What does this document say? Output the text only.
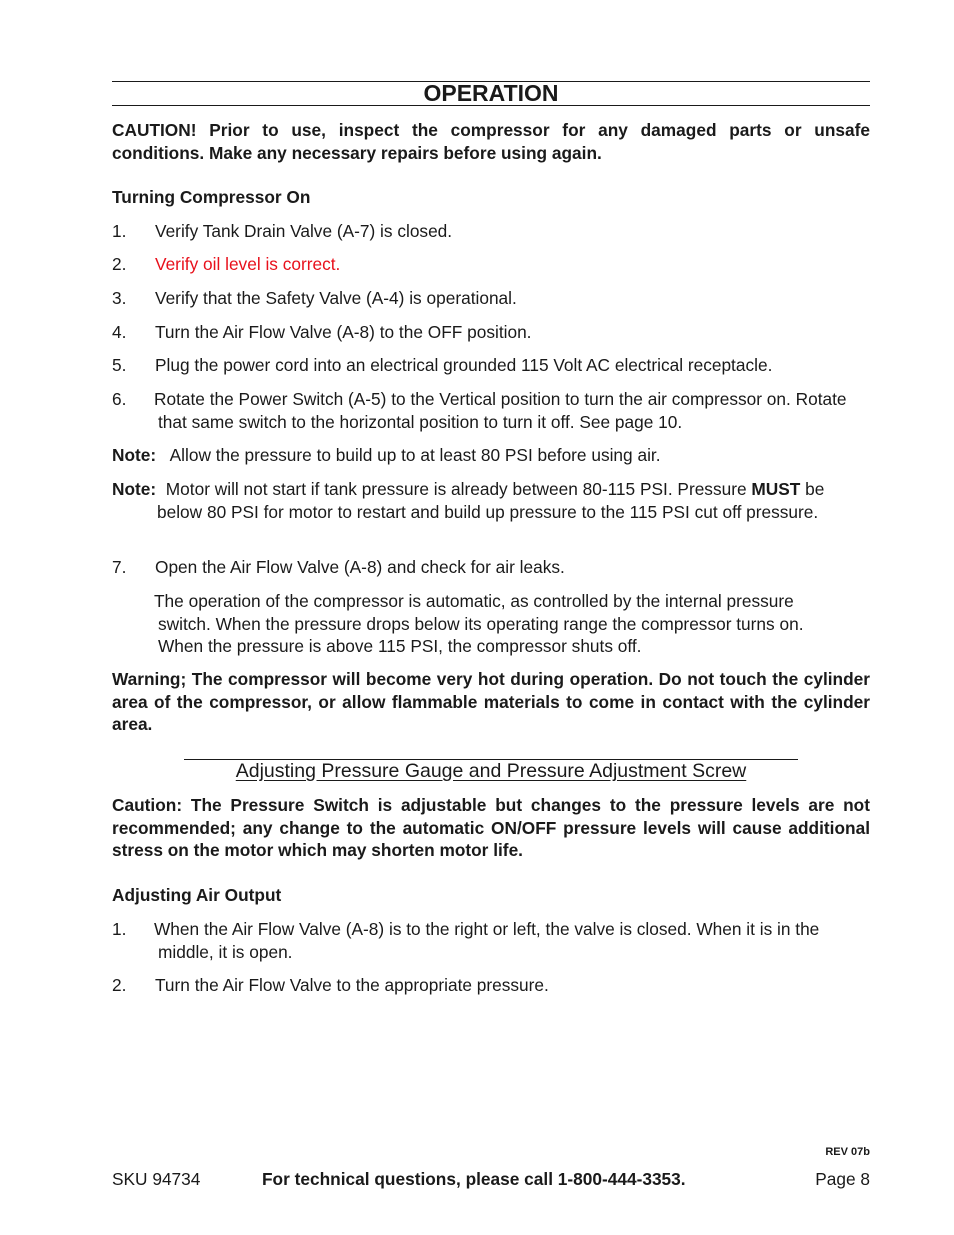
OPERATION

CAUTION! Prior to use, inspect the compressor for any damaged parts or unsafe conditions. Make any necessary repairs before using again.

Turning Compressor On

1.	Verify Tank Drain Valve (A-7) is closed.
2.	Verify oil level is correct.
3.	Verify that the Safety Valve (A-4) is operational.
4.	Turn the Air Flow Valve (A-8) to the OFF position.
5.	Plug the power cord into an electrical grounded 115 Volt AC electrical receptacle.
6.	Rotate the Power Switch (A-5) to the Vertical position to turn the air compressor on. Rotate that same switch to the horizontal position to turn it off. See page 10.
Note: Allow the pressure to build up to at least 80 PSI before using air.
Note: Motor will not start if tank pressure is already between 80-115 PSI. Pressure MUST be below 80 PSI for motor to restart and build up pressure to the 115 PSI cut off pressure.
7.	Open the Air Flow Valve (A-8) and check for air leaks.

The operation of the compressor is automatic, as controlled by the internal pressure switch. When the pressure drops below its operating range the compressor turns on. When the pressure is above 115 PSI, the compressor shuts off.

Warning; The compressor will become very hot during operation. Do not touch the cylinder area of the compressor, or allow flammable materials to come in contact with the cylinder area.

Adjusting Pressure Gauge and Pressure Adjustment Screw

Caution: The Pressure Switch is adjustable but changes to the pressure levels are not recommended; any change to the automatic ON/OFF pressure levels will cause additional stress on the motor which may shorten motor life.

Adjusting Air Output

1.	When the Air Flow Valve (A-8) is to the right or left, the valve is closed. When it is in the middle, it is open.
2.	Turn the Air Flow Valve to the appropriate pressure.
REV 07b
SKU 94734	For technical questions, please call 1-800-444-3353.	Page 8
